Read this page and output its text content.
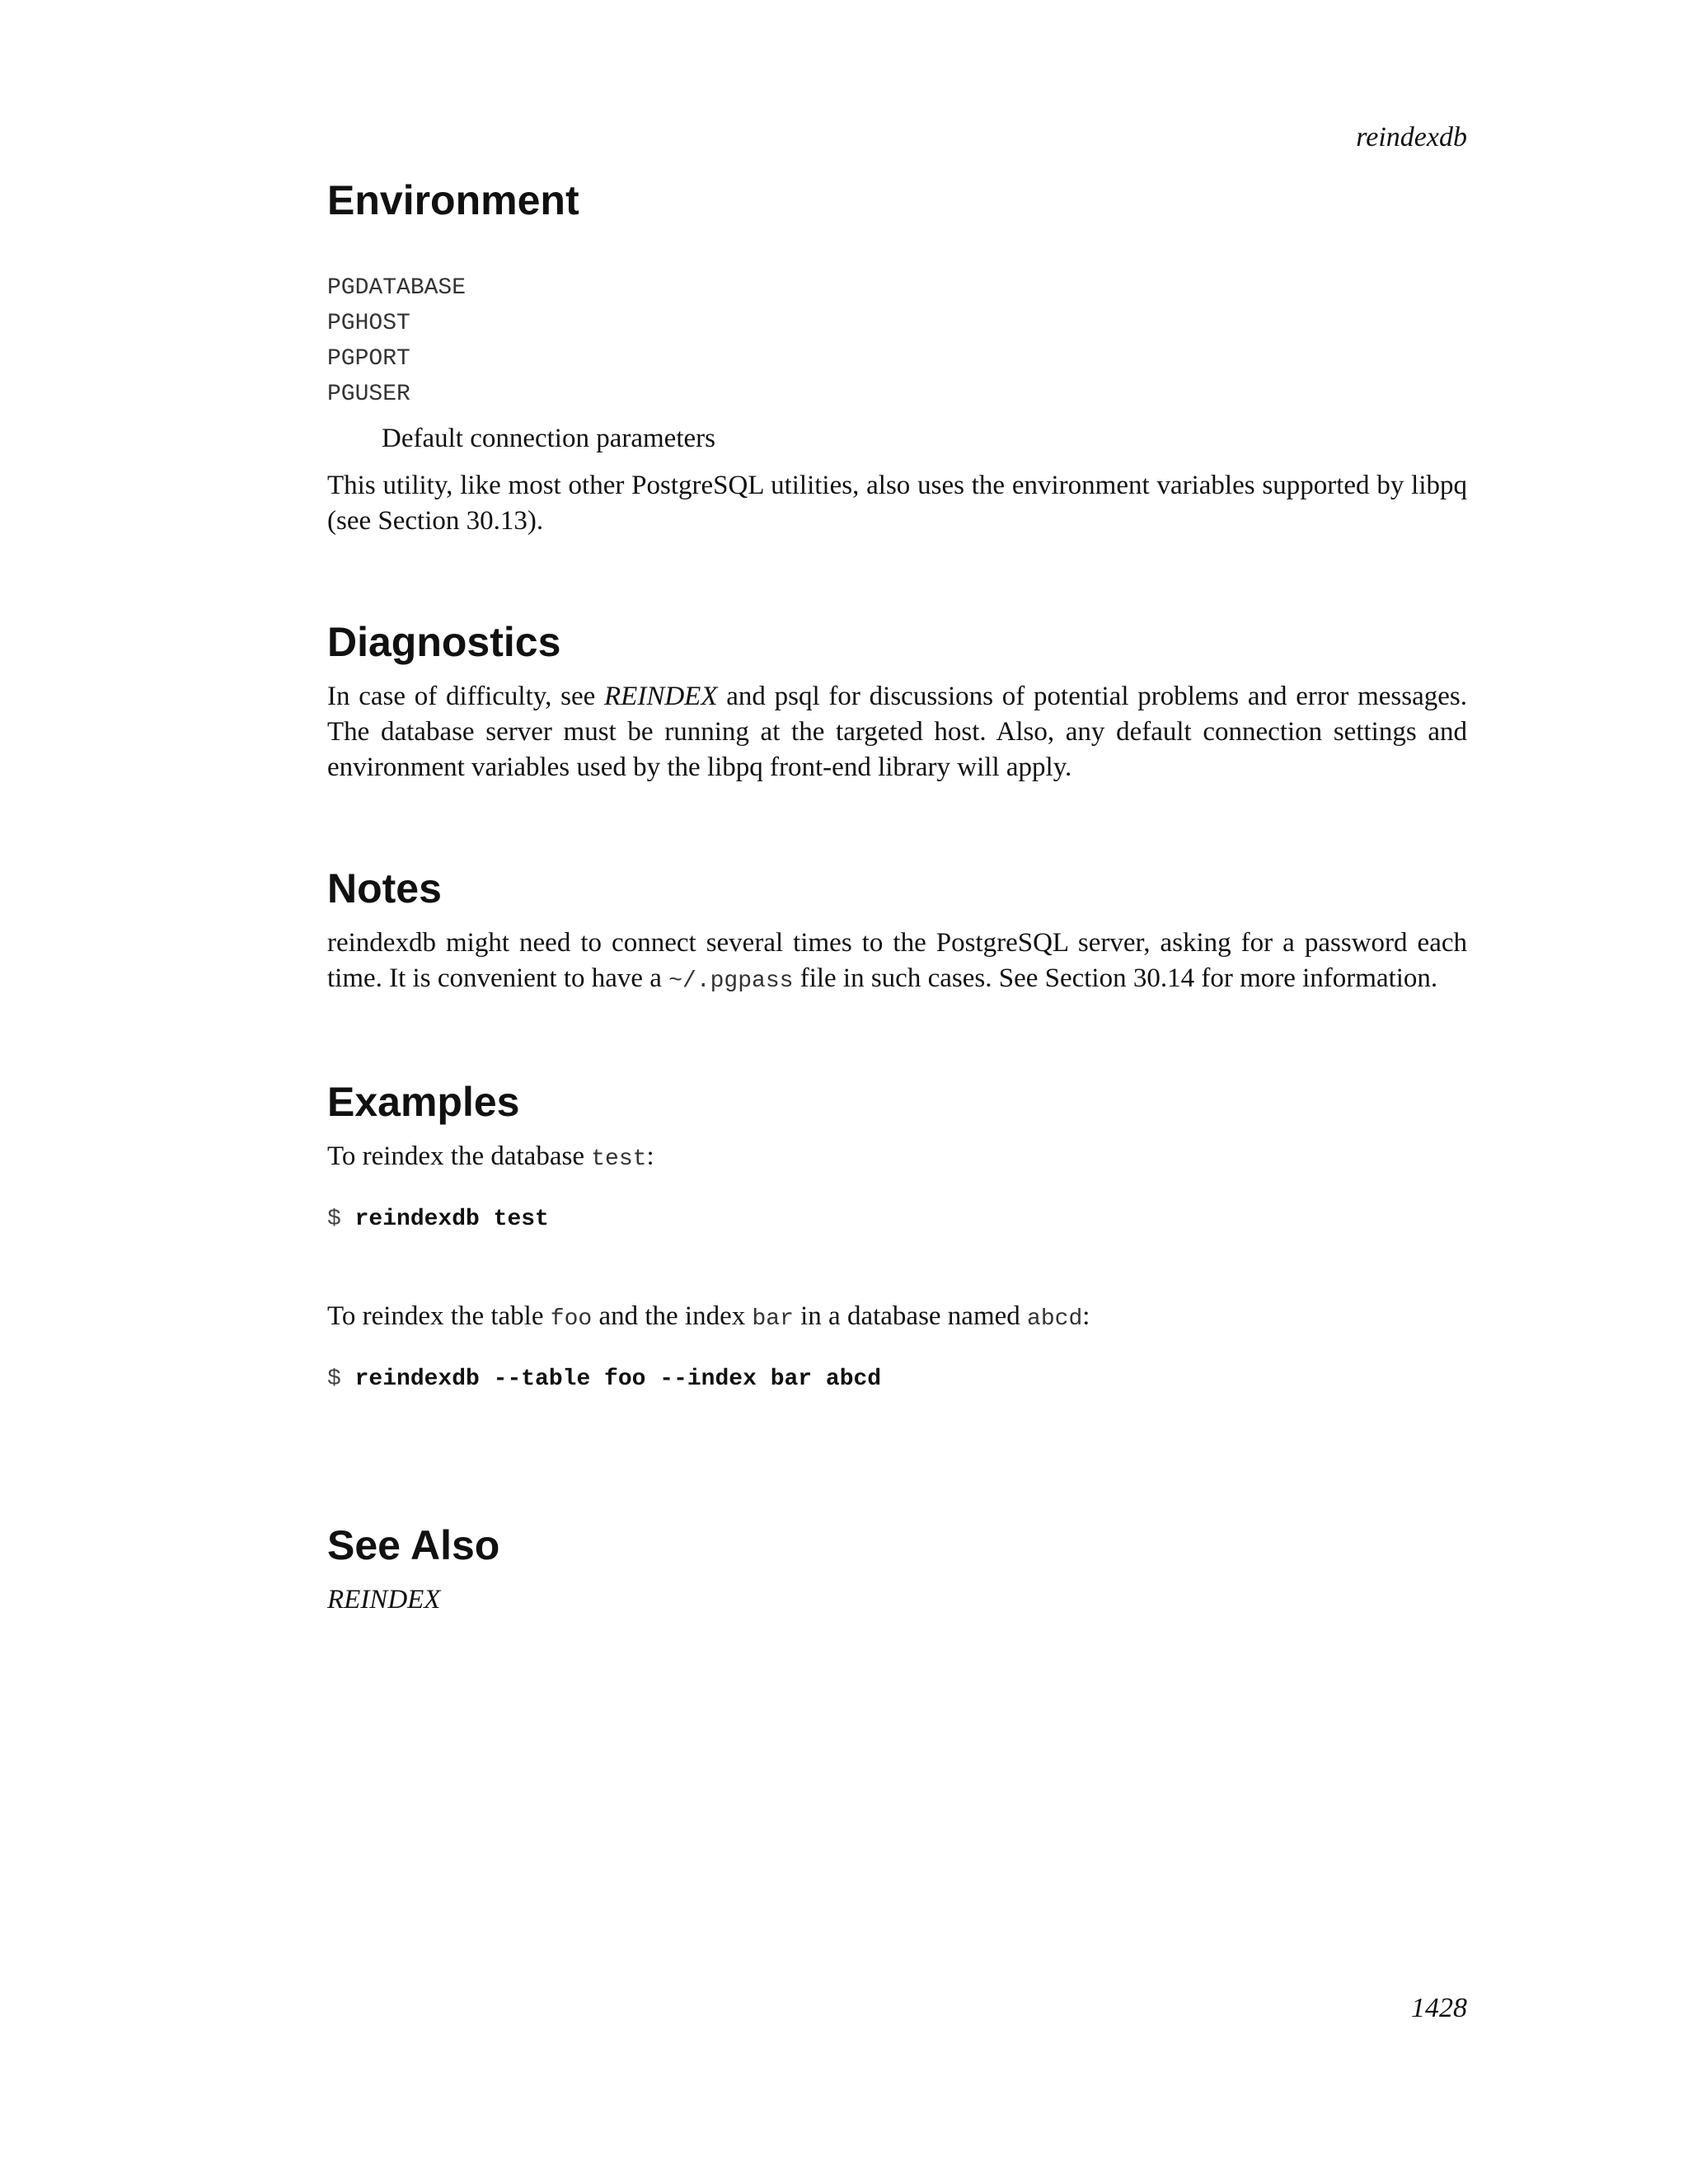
reindexdb
Environment
PGDATABASE
PGHOST
PGPORT
PGUSER
Default connection parameters

This utility, like most other PostgreSQL utilities, also uses the environment variables supported by libpq (see Section 30.13).

Diagnostics

In case of difficulty, see REINDEX and psql for discussions of potential problems and error messages. The database server must be running at the targeted host. Also, any default connection settings and environment variables used by the libpq front-end library will apply.

Notes

reindexdb might need to connect several times to the PostgreSQL server, asking for a password each time. It is convenient to have a ~/.pgpass file in such cases. See Section 30.14 for more information.

Examples

To reindex the database test:

$ reindexdb test

To reindex the table foo and the index bar in a database named abcd:

$ reindexdb --table foo --index bar abcd
See Also

REINDEX

1428
